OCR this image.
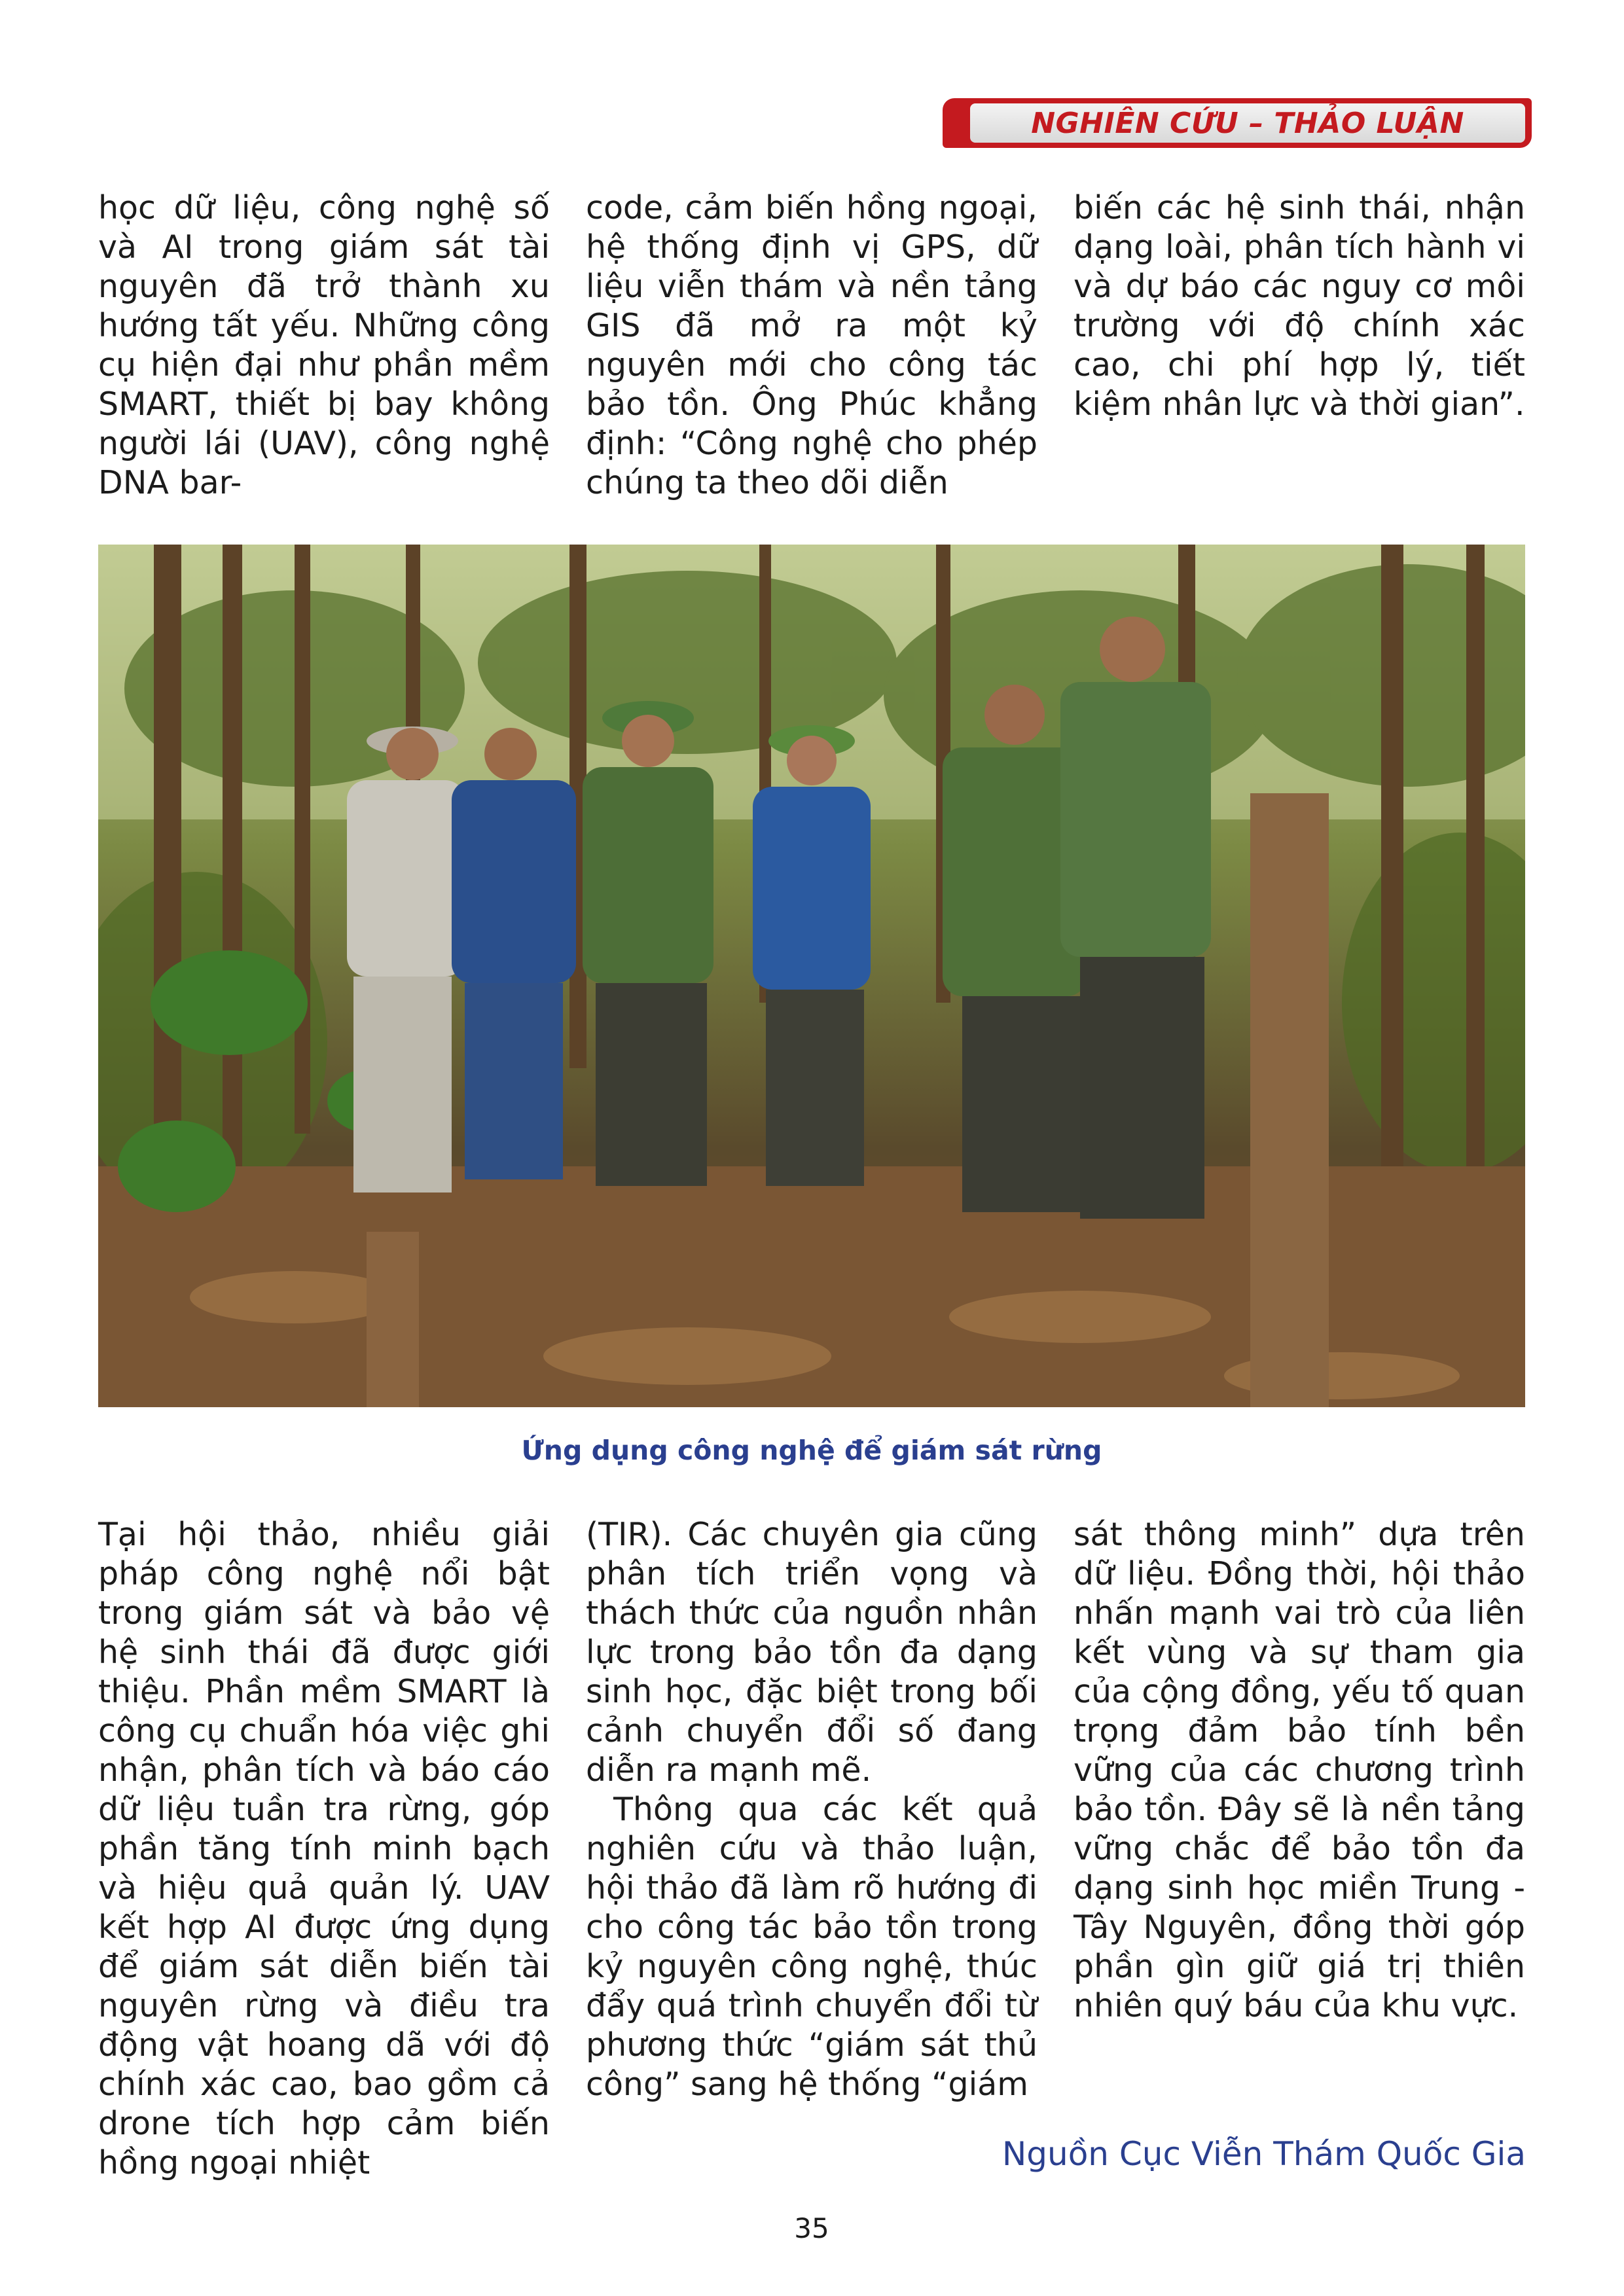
NGHIÊN CỨU – THẢO LUẬN

học dữ liệu, công nghệ số và AI trong giám sát tài nguyên đã trở thành xu hướng tất yếu. Những công cụ hiện đại như phần mềm SMART, thiết bị bay không người lái (UAV), công nghệ DNA bar-

code, cảm biến hồng ngoại, hệ thống định vị GPS, dữ liệu viễn thám và nền tảng GIS đã mở ra một kỷ nguyên mới cho công tác bảo tồn. Ông Phúc khẳng định: “Công nghệ cho phép chúng ta theo dõi diễn

biến các hệ sinh thái, nhận dạng loài, phân tích hành vi và dự báo các nguy cơ môi trường với độ chính xác cao, chi phí hợp lý, tiết kiệm nhân lực và thời gian”.

Ứng dụng công nghệ để giám sát rừng

Tại hội thảo, nhiều giải pháp công nghệ nổi bật trong giám sát và bảo vệ hệ sinh thái đã được giới thiệu. Phần mềm SMART là công cụ chuẩn hóa việc ghi nhận, phân tích và báo cáo dữ liệu tuần tra rừng, góp phần tăng tính minh bạch và hiệu quả quản lý. UAV kết hợp AI được ứng dụng để giám sát diễn biến tài nguyên rừng và điều tra động vật hoang dã với độ chính xác cao, bao gồm cả drone tích hợp cảm biến hồng ngoại nhiệt

(TIR). Các chuyên gia cũng phân tích triển vọng và thách thức của nguồn nhân lực trong bảo tồn đa dạng sinh học, đặc biệt trong bối cảnh chuyển đổi số đang diễn ra mạnh mẽ.

Thông qua các kết quả nghiên cứu và thảo luận, hội thảo đã làm rõ hướng đi cho công tác bảo tồn trong kỷ nguyên công nghệ, thúc đẩy quá trình chuyển đổi từ phương thức “giám sát thủ công” sang hệ thống “giám

sát thông minh” dựa trên dữ liệu. Đồng thời, hội thảo nhấn mạnh vai trò của liên kết vùng và sự tham gia của cộng đồng, yếu tố quan trọng đảm bảo tính bền vững của các chương trình bảo tồn. Đây sẽ là nền tảng vững chắc để bảo tồn đa dạng sinh học miền Trung - Tây Nguyên, đồng thời góp phần gìn giữ giá trị thiên nhiên quý báu của khu vực.

Nguồn Cục Viễn Thám Quốc Gia
35
